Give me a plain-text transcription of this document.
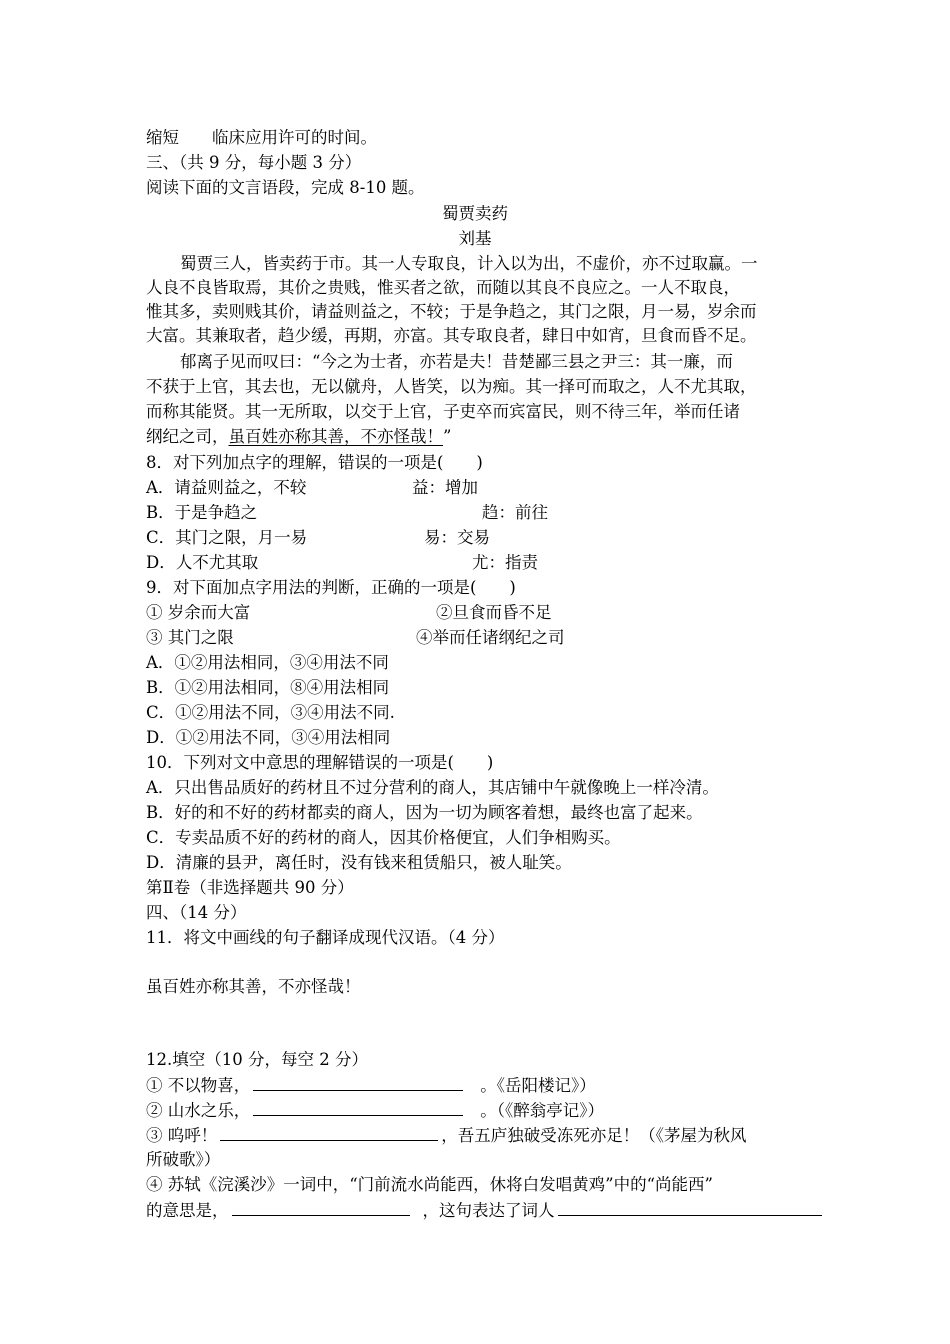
缩短　　临床应用许可的时间。
三、（共 9 分，每小题 3 分）
阅读下面的文言语段，完成 8-10 题。
蜀贾卖药
刘基
蜀贾三人，皆卖药于市。其一人专取良，计入以为出，不虚价，亦不过取赢。一
人良不良皆取焉，其价之贵贱，惟买者之欲，而随以其良不良应之。一人不取良，
惟其多，卖则贱其价，请益则益之，不较；于是争趋之，其门之限，月一易，岁余而
大富。其兼取者，趋少缓，再期，亦富。其专取良者，肆日中如宵，旦食而昏不足。
郁离子见而叹曰：“今之为士者，亦若是夫！昔楚鄙三县之尹三：其一廉，而
不获于上官，其去也，无以僦舟，人皆笑，以为痴。其一择可而取之，人不尤其取，
而称其能贤。其一无所取，以交于上官，子吏卒而宾富民，则不待三年，举而任诸
纲纪之司，虽百姓亦称其善，不亦怪哉！”
8．对下列加点字的理解，错误的一项是(　　)
A．请益则益之，不较	益：增加
B．于是争趋之	趋：前往
C．其门之限，月一易	易：交易
D．人不尤其取	尤：指责
9．对下面加点字用法的判断，正确的一项是(　　)
① 岁余而大富	②旦食而昏不足
③ 其门之限	④举而任诸纲纪之司
A．①②用法相同，③④用法不同
B．①②用法相同，⑧④用法相同
C．①②用法不同，③④用法不同.
D．①②用法不同，③④用法相同
10．下列对文中意思的理解错误的一项是(　　)
A．只出售品质好的药材且不过分营利的商人，其店铺中午就像晚上一样冷清。
B．好的和不好的药材都卖的商人，因为一切为顾客着想，最终也富了起来。
C．专卖品质不好的药材的商人，因其价格便宜，人们争相购买。
D．清廉的县尹，离任时，没有钱来租赁船只，被人耻笑。
第Ⅱ卷（非选择题共 90 分）
四、（14 分）
11．将文中画线的句子翻译成现代汉语。（4 分）
虽百姓亦称其善，不亦怪哉！
12.填空（10 分，每空 2 分）
① 不以物喜，	。《岳阳楼记》）
② 山水之乐，	。（《醉翁亭记》）
③ 呜呼！	，吾五庐独破受冻死亦足！（《茅屋为秋风
所破歌》）
④ 苏轼《浣溪沙》一词中，“门前流水尚能西，休将白发唱黄鸡”中的“尚能西”
的意思是，	，这句表达了词人
